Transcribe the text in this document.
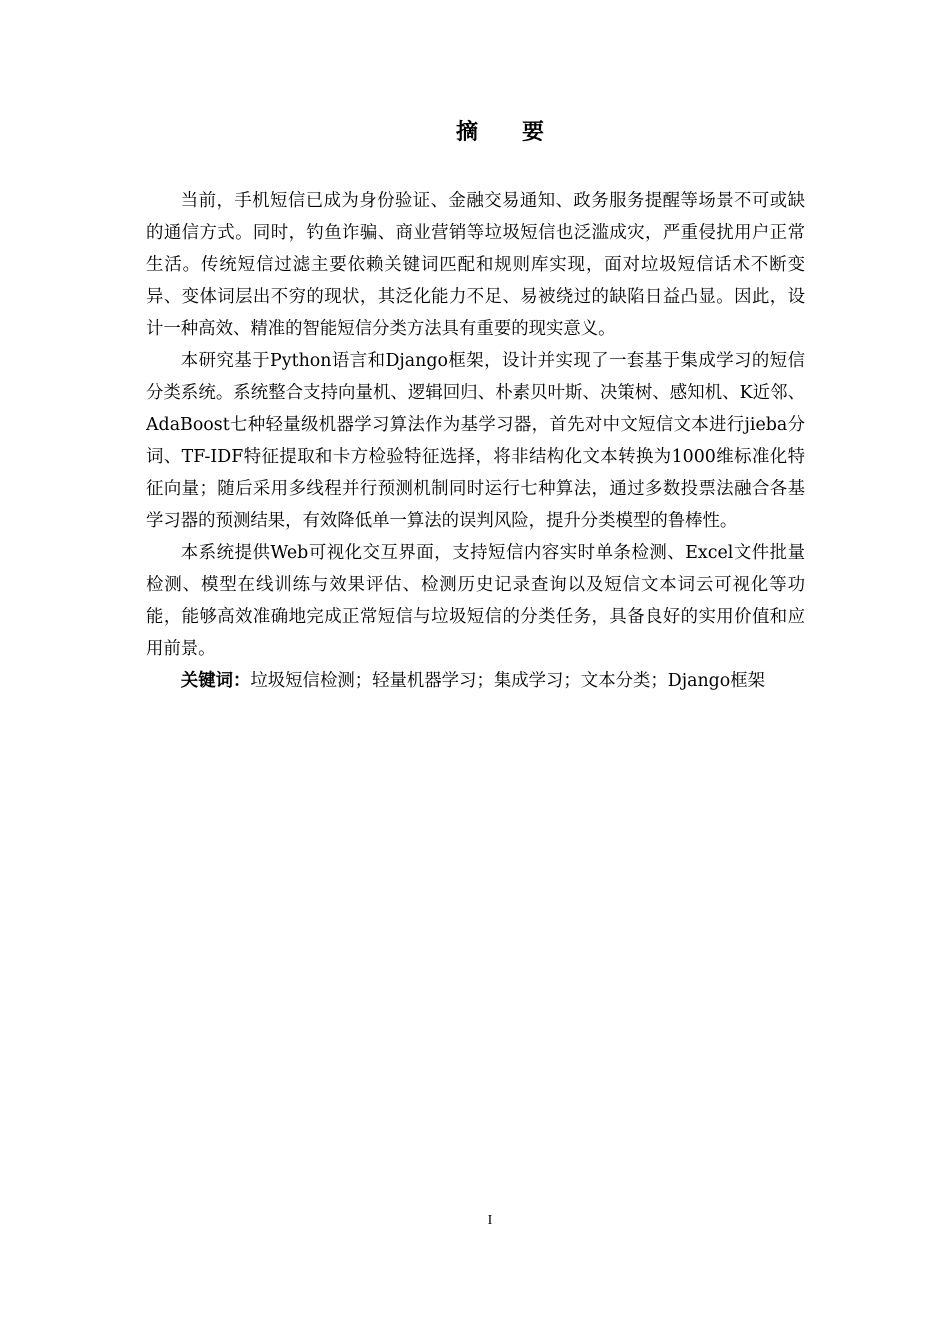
摘 要

当前，手机短信已成为身份验证、金融交易通知、政务服务提醒等场景不可或缺的通信方式。同时，钓鱼诈骗、商业营销等垃圾短信也泛滥成灾，严重侵扰用户正常生活。传统短信过滤主要依赖关键词匹配和规则库实现，面对垃圾短信话术不断变异、变体词层出不穷的现状，其泛化能力不足、易被绕过的缺陷日益凸显。因此，设计一种高效、精准的智能短信分类方法具有重要的现实意义。

本研究基于Python语言和Django框架，设计并实现了一套基于集成学习的短信分类系统。系统整合支持向量机、逻辑回归、朴素贝叶斯、决策树、感知机、K近邻、AdaBoost七种轻量级机器学习算法作为基学习器，首先对中文短信文本进行jieba分词、TF-IDF特征提取和卡方检验特征选择，将非结构化文本转换为1000维标准化特征向量；随后采用多线程并行预测机制同时运行七种算法，通过多数投票法融合各基学习器的预测结果，有效降低单一算法的误判风险，提升分类模型的鲁棒性。

本系统提供Web可视化交互界面，支持短信内容实时单条检测、Excel文件批量检测、模型在线训练与效果评估、检测历史记录查询以及短信文本词云可视化等功能，能够高效准确地完成正常短信与垃圾短信的分类任务，具备良好的实用价值和应用前景。

关键词：垃圾短信检测；轻量机器学习；集成学习；文本分类；Django框架

I
